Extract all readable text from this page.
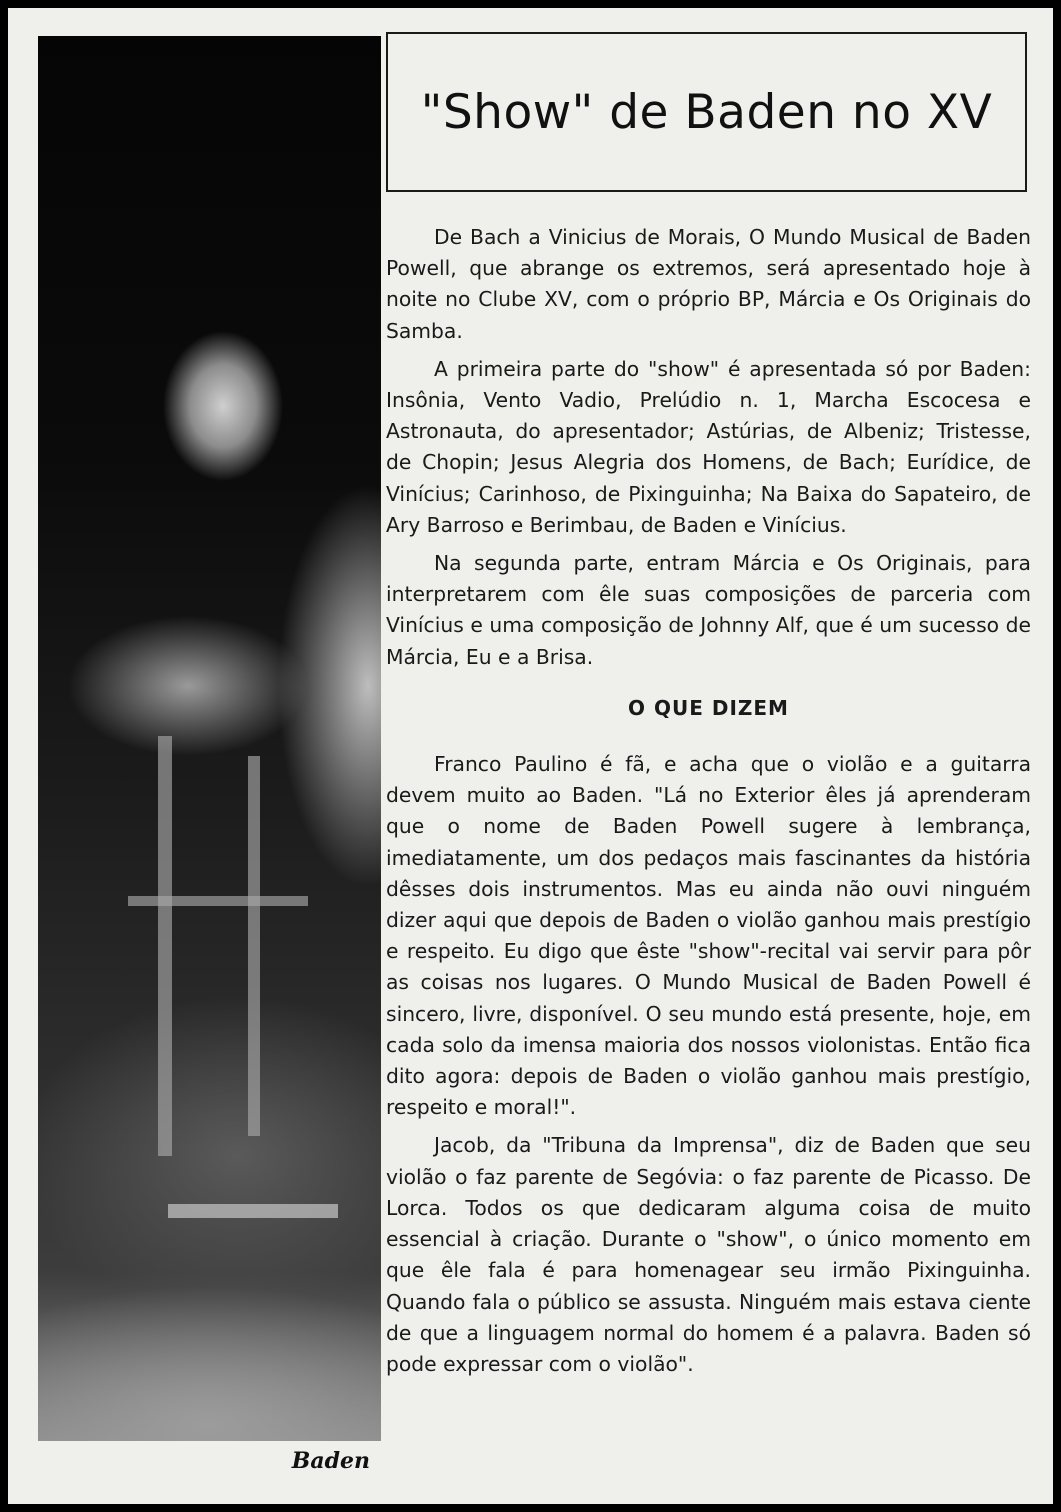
Baden
"Show" de Baden no XV

De Bach a Vinicius de Morais, O Mundo Musical de Baden Powell, que abrange os extremos, será apresentado hoje à noite no Clube XV, com o próprio BP, Márcia e Os Originais do Samba.

A primeira parte do "show" é apresentada só por Baden: Insônia, Vento Vadio, Prelúdio n. 1, Marcha Escocesa e Astronauta, do apresentador; Astúrias, de Albeniz; Tristesse, de Chopin; Jesus Alegria dos Homens, de Bach; Eurídice, de Vinícius; Carinhoso, de Pixinguinha; Na Baixa do Sapateiro, de Ary Barroso e Berimbau, de Baden e Vinícius.

Na segunda parte, entram Márcia e Os Originais, para interpretarem com êle suas composições de parceria com Vinícius e uma composição de Johnny Alf, que é um sucesso de Márcia, Eu e a Brisa.

O QUE DIZEM

Franco Paulino é fã, e acha que o violão e a guitarra devem muito ao Baden. "Lá no Exterior êles já aprenderam que o nome de Baden Powell sugere à lembrança, imediatamente, um dos pedaços mais fascinantes da história dêsses dois instrumentos. Mas eu ainda não ouvi ninguém dizer aqui que depois de Baden o violão ganhou mais prestígio e respeito. Eu digo que êste "show"-recital vai servir para pôr as coisas nos lugares. O Mundo Musical de Baden Powell é sincero, livre, disponível. O seu mundo está presente, hoje, em cada solo da imensa maioria dos nossos violonistas. Então fica dito agora: depois de Baden o violão ganhou mais prestígio, respeito e moral!".

Jacob, da "Tribuna da Imprensa", diz de Baden que seu violão o faz parente de Segóvia: o faz parente de Picasso. De Lorca. Todos os que dedicaram alguma coisa de muito essencial à criação. Durante o "show", o único momento em que êle fala é para homenagear seu irmão Pixinguinha. Quando fala o público se assusta. Ninguém mais estava ciente de que a linguagem normal do homem é a palavra. Baden só pode expressar com o violão".
